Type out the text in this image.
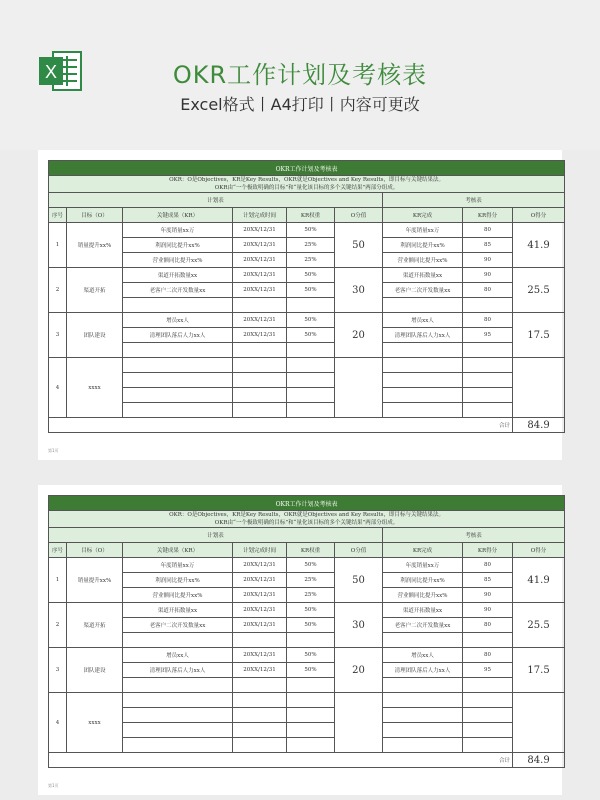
X	OKR工作计划及考核表
Excel格式丨A4打印丨内容可更改
OKR工作计划及考核表								

OKR：O是Objectives，KR是Key Results，OKR就是Objectives and Key Results，即目标与关键结果法。
OKR由“一个极致明确的目标”和“量化该目标的多个关键结果”两部分组成。								

计划表						考核表		
序号	目标（O）	关键成果（KR）	计划完成时间	KR权重	O分值	KR完成	KR得分	O得分
1	销量提升xx%	年度销量xx万	20XX/12/31	50%	50	年度销量xx万	80	41.9
		利润同比提升xx%	20XX/12/31	25%		利润同比提升xx%	85	
		营业额同比提升xx%	20XX/12/31	25%		营业额同比提升xx%	90	
2	渠道开拓	渠道开拓数量xx	20XX/12/31	50%	30	渠道开拓数量xx	90	25.5
		老客户二次开发数量xx	20XX/12/31	50%		老客户二次开发数量xx	80	

3	团队建设	增员xx人	20XX/12/31	50%	20	增员xx人	80	17.5
		清理团队落后人力xx人	20XX/12/31	50%		清理团队落后人力xx人	95	

4	xxxx							

合计								84.9
第1页
OKR工作计划及考核表								

OKR：O是Objectives，KR是Key Results，OKR就是Objectives and Key Results，即目标与关键结果法。
OKR由“一个极致明确的目标”和“量化该目标的多个关键结果”两部分组成。								

计划表						考核表		
序号	目标（O）	关键成果（KR）	计划完成时间	KR权重	O分值	KR完成	KR得分	O得分
1	销量提升xx%	年度销量xx万	20XX/12/31	50%	50	年度销量xx万	80	41.9
		利润同比提升xx%	20XX/12/31	25%		利润同比提升xx%	85	
		营业额同比提升xx%	20XX/12/31	25%		营业额同比提升xx%	90	
2	渠道开拓	渠道开拓数量xx	20XX/12/31	50%	30	渠道开拓数量xx	90	25.5
		老客户二次开发数量xx	20XX/12/31	50%		老客户二次开发数量xx	80	

3	团队建设	增员xx人	20XX/12/31	50%	20	增员xx人	80	17.5
		清理团队落后人力xx人	20XX/12/31	50%		清理团队落后人力xx人	95	

4	xxxx							

合计								84.9
第1页
